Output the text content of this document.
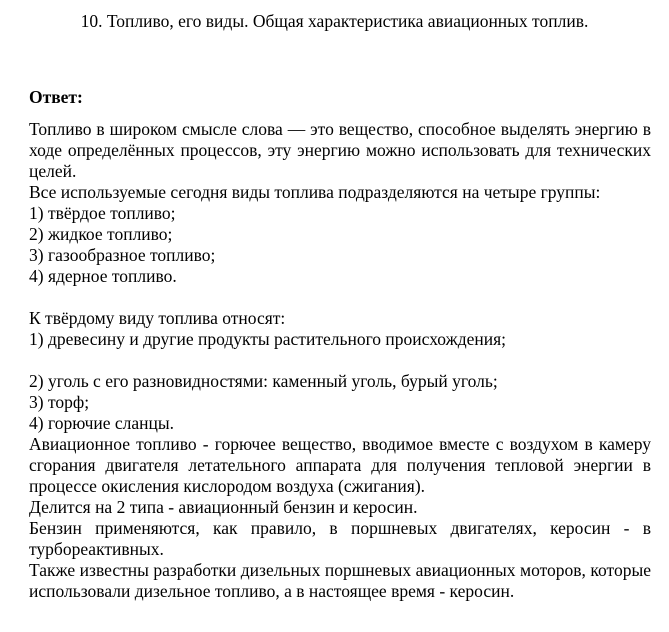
10. Топливо, его виды. Общая характеристика авиационных топлив.
Ответ:

Топливо в широком смысле слова — это вещество, способное выделять энергию в ходе определённых процессов, эту энергию можно использовать для технических целей.

Все используемые сегодня виды топлива подразделяются на четыре группы:

1) твёрдое топливо;

2) жидкое топливо;

3) газообразное топливо;

4) ядерное топливо.

К твёрдому виду топлива относят:

1) древесину и другие продукты растительного происхождения;

2) уголь с его разновидностями: каменный уголь, бурый уголь;

3) торф;

4) горючие сланцы.

Авиационное топливо - горючее вещество, вводимое вместе с воздухом в камеру сгорания двигателя летательного аппарата для получения тепловой энергии в процессе окисления кислородом воздуха (сжигания).

Делится на 2 типа - авиационный бензин и керосин.

Бензин применяются, как правило, в поршневых двигателях, керосин - в турбореактивных.

Также известны разработки дизельных поршневых авиационных моторов, которые использовали дизельное топливо, а в настоящее время - керосин.
